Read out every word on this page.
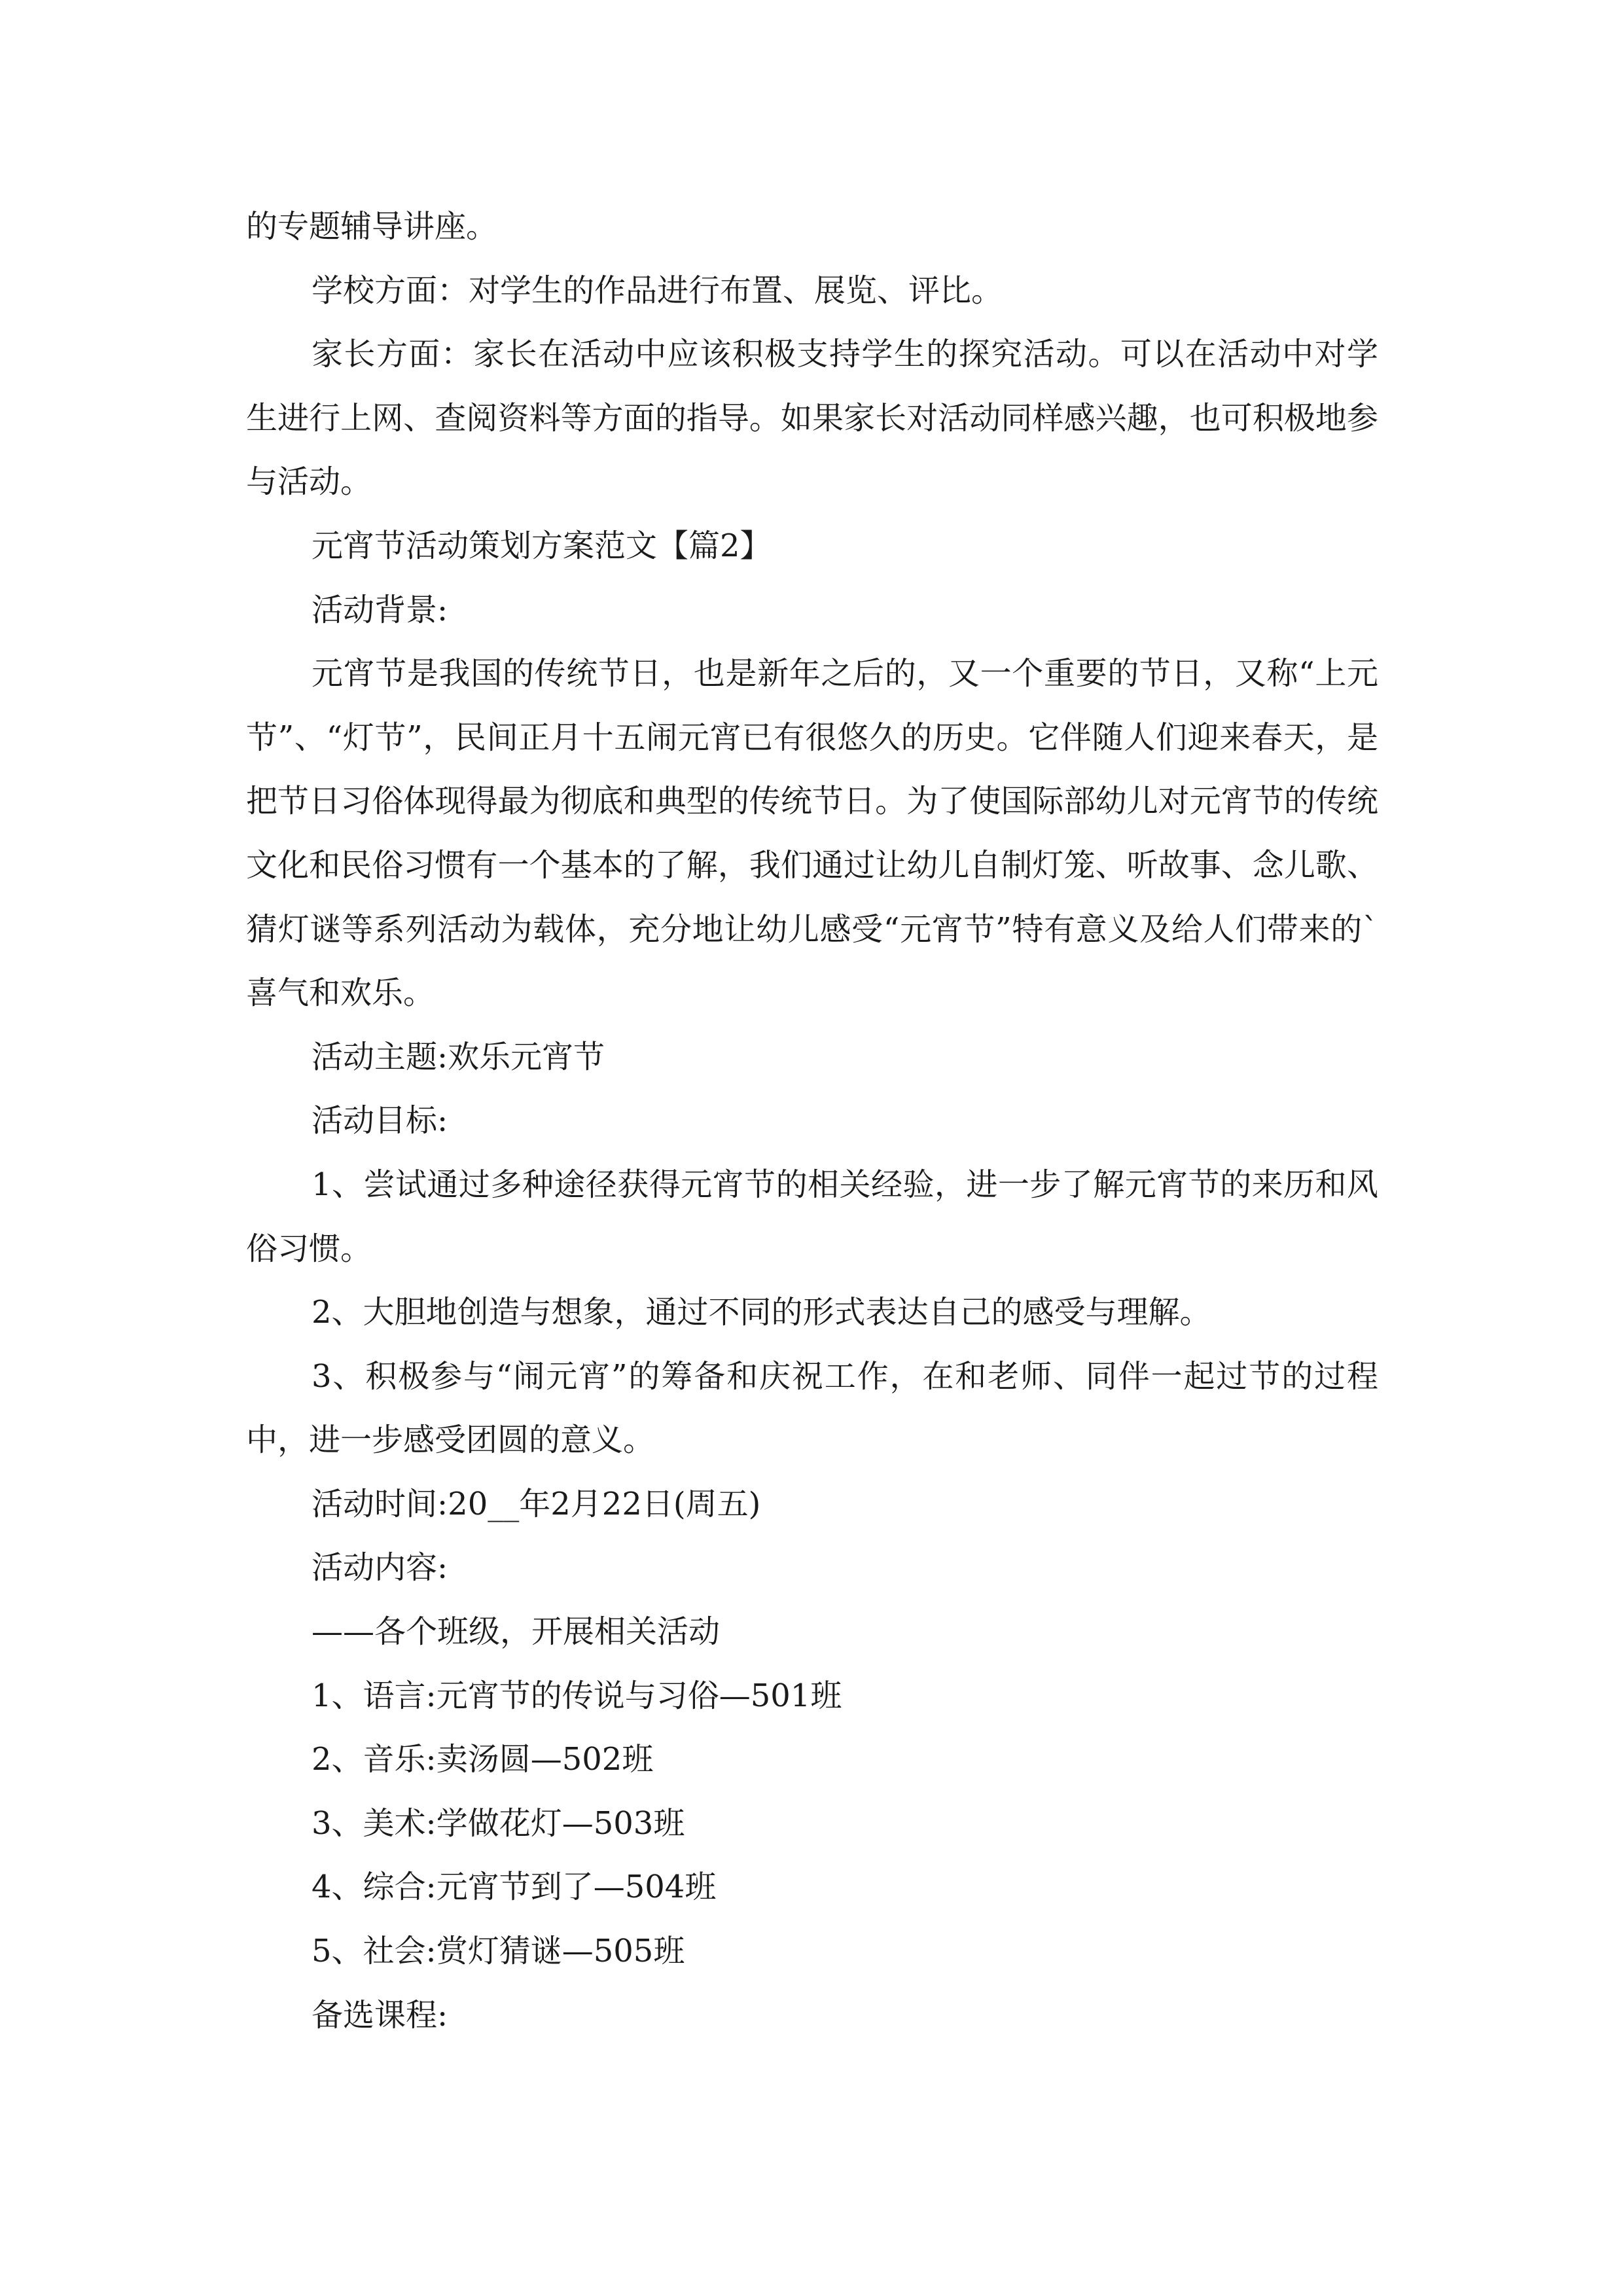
的专题辅导讲座。

学校方面：对学生的作品进行布置、展览、评比。

家长方面：家长在活动中应该积极支持学生的探究活动。可以在活动中对学生进行上网、查阅资料等方面的指导。如果家长对活动同样感兴趣，也可积极地参与活动。

元宵节活动策划方案范文【篇2】

活动背景:

元宵节是我国的传统节日，也是新年之后的，又一个重要的节日，又称“上元节”、“灯节”，民间正月十五闹元宵已有很悠久的历史。它伴随人们迎来春天，是把节日习俗体现得最为彻底和典型的传统节日。为了使国际部幼儿对元宵节的传统文化和民俗习惯有一个基本的了解，我们通过让幼儿自制灯笼、听故事、念儿歌、猜灯谜等系列活动为载体，充分地让幼儿感受“元宵节”特有意义及给人们带来的`喜气和欢乐。

活动主题:欢乐元宵节

活动目标:

1、尝试通过多种途径获得元宵节的相关经验，进一步了解元宵节的来历和风俗习惯。

2、大胆地创造与想象，通过不同的形式表达自己的感受与理解。

3、积极参与“闹元宵”的筹备和庆祝工作，在和老师、同伴一起过节的过程中，进一步感受团圆的意义。

活动时间:20__年2月22日(周五)

活动内容:

——各个班级，开展相关活动

1、语言:元宵节的传说与习俗—501班

2、音乐:卖汤圆—502班

3、美术:学做花灯—503班

4、综合:元宵节到了—504班

5、社会:赏灯猜谜—505班

备选课程:
